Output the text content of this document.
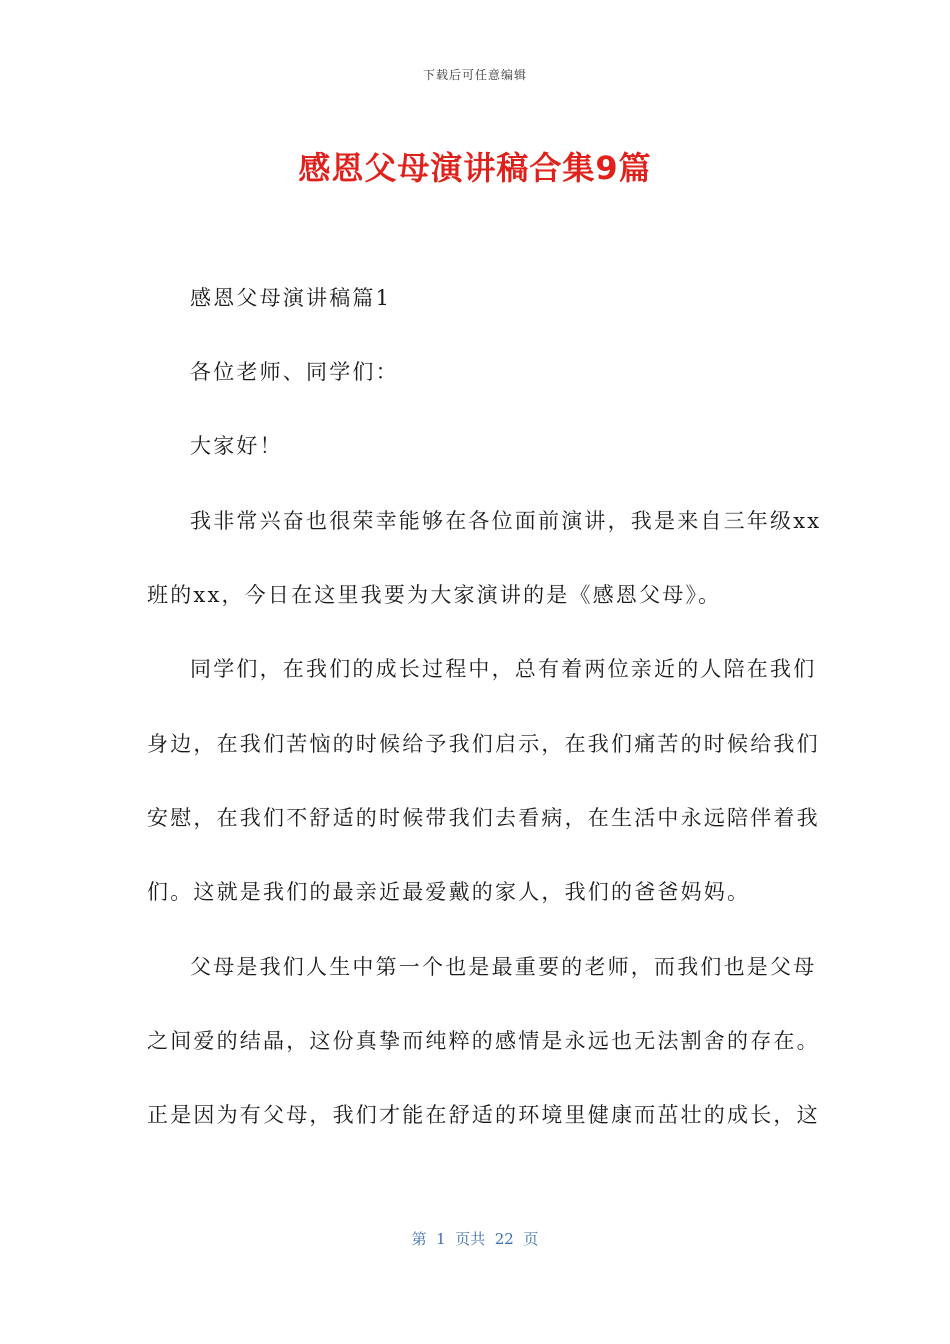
下载后可任意编辑
感恩父母演讲稿合集9篇
感恩父母演讲稿篇1
各位老师、同学们：
大家好！
我非常兴奋也很荣幸能够在各位面前演讲，我是来自三年级xx
班的xx，今日在这里我要为大家演讲的是《感恩父母》。
同学们，在我们的成长过程中，总有着两位亲近的人陪在我们
身边，在我们苦恼的时候给予我们启示，在我们痛苦的时候给我们
安慰，在我们不舒适的时候带我们去看病，在生活中永远陪伴着我
们。这就是我们的最亲近最爱戴的家人，我们的爸爸妈妈。
父母是我们人生中第一个也是最重要的老师，而我们也是父母
之间爱的结晶，这份真挚而纯粹的感情是永远也无法割舍的存在。
正是因为有父母，我们才能在舒适的环境里健康而茁壮的成长，这
第  1  页共  22  页
